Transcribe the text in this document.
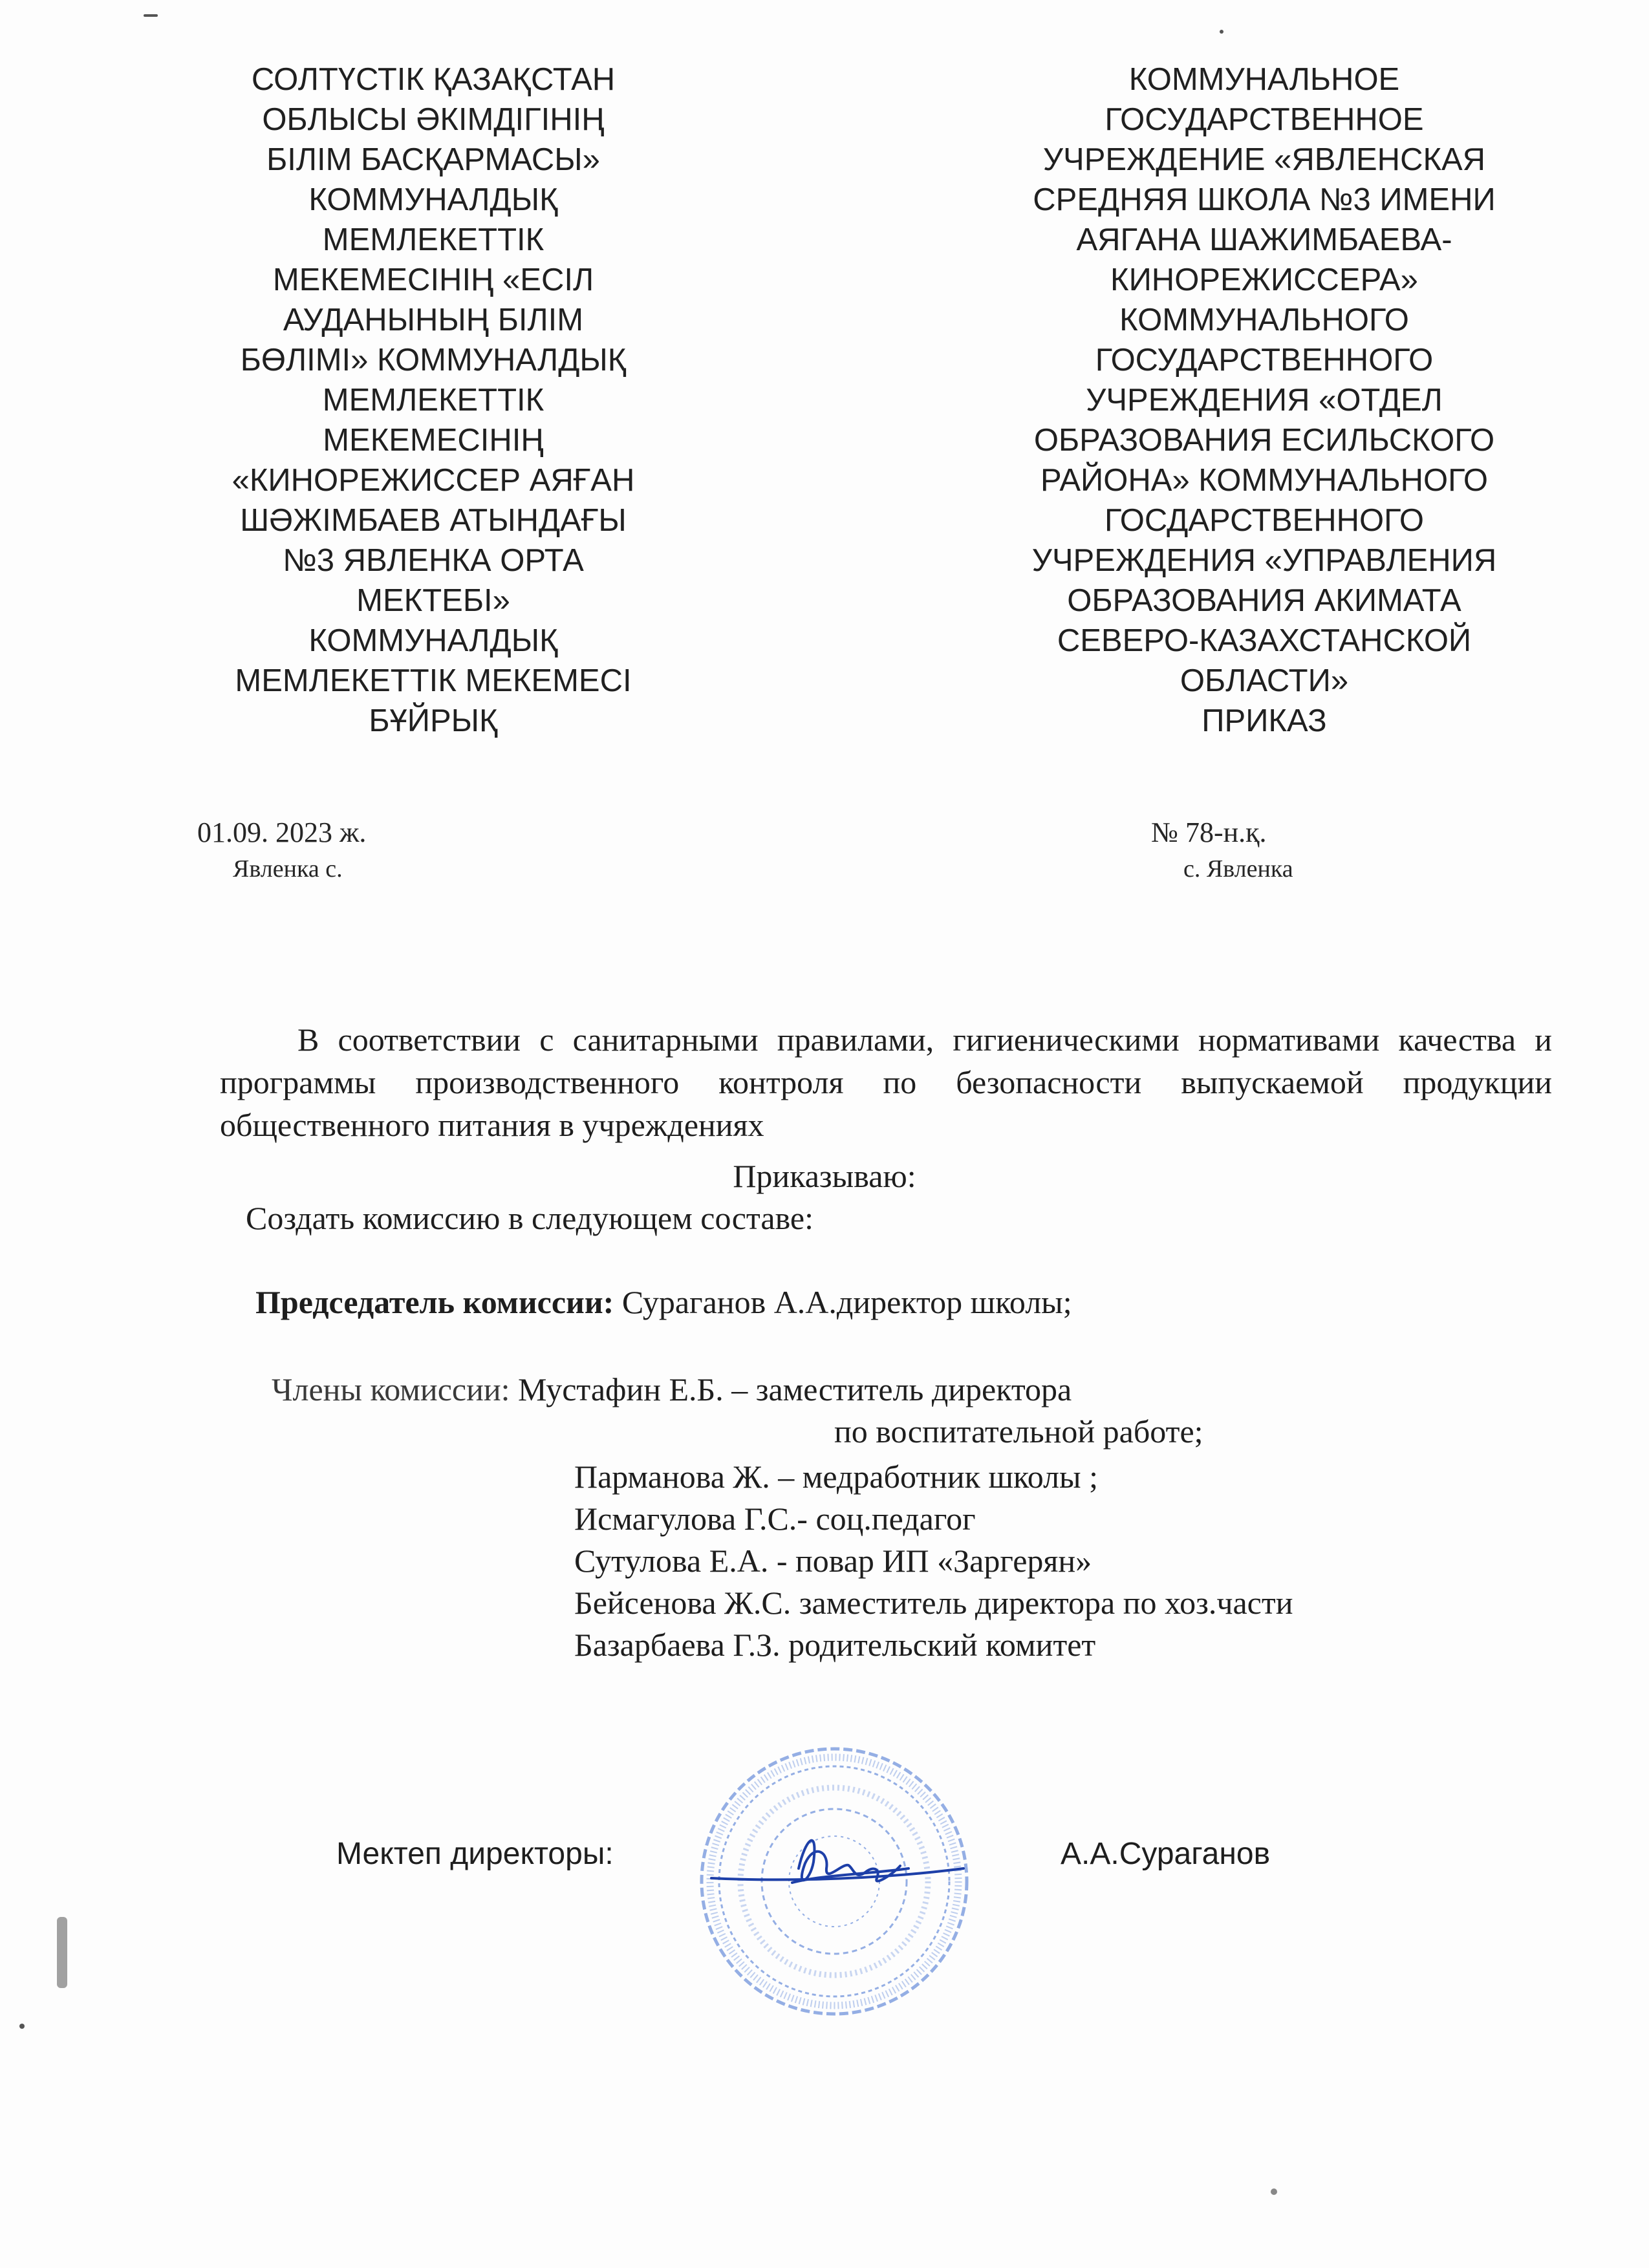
СОЛТҮСТІК ҚАЗАҚСТАН
ОБЛЫСЫ ӘКІМДІГІНІҢ
БІЛІМ БАСҚАРМАСЫ»
КОММУНАЛДЫҚ
МЕМЛЕКЕТТІК
МЕКЕМЕСІНІҢ «ЕСІЛ
АУДАНЫНЫҢ БІЛІМ
БӨЛІМІ» КОММУНАЛДЫҚ
МЕМЛЕКЕТТІК
МЕКЕМЕСІНІҢ
«КИНОРЕЖИССЕР АЯҒАН
ШӘЖІМБАЕВ АТЫНДАҒЫ
№3 ЯВЛЕНКА ОРТА
МЕКТЕБІ»
КОММУНАЛДЫҚ
МЕМЛЕКЕТТІК МЕКЕМЕСІ
БҰЙРЫҚ
КОММУНАЛЬНОЕ
ГОСУДАРСТВЕННОЕ
УЧРЕЖДЕНИЕ «ЯВЛЕНСКАЯ
СРЕДНЯЯ ШКОЛА №3 ИМЕНИ
АЯГАНА ШАЖИМБАЕВА-
КИНОРЕЖИССЕРА»
КОММУНАЛЬНОГО
ГОСУДАРСТВЕННОГО
УЧРЕЖДЕНИЯ «ОТДЕЛ
ОБРАЗОВАНИЯ ЕСИЛЬСКОГО
РАЙОНА» КОММУНАЛЬНОГО
ГОСДАРСТВЕННОГО
УЧРЕЖДЕНИЯ «УПРАВЛЕНИЯ
ОБРАЗОВАНИЯ АКИМАТА
СЕВЕРО-КАЗАХСТАНСКОЙ
ОБЛАСТИ»
ПРИКАЗ
01.09. 2023 ж.
Явленка с.
№ 78-н.қ.
с. Явленка
В соответствии с санитарными правилами, гигиеническими нормативами качества и программы производственного контроля по безопасности выпускаемой продукции общественного питания в учреждениях
Приказываю:
Создать комиссию в следующем составе:
Председатель комиссии: Сураганов А.А.директор школы;
Члены комиссии: Мустафин Е.Б. – заместитель директора
по воспитательной работе;
Парманова Ж. – медработник школы ;
Исмагулова Г.С.- соц.педагог
Сутулова Е.А. - повар ИП «Заргерян»
Бейсенова Ж.С. заместитель директора по хоз.части
Базарбаева Г.З. родительский комитет
Мектеп директоры:	А.А.Сураганов
